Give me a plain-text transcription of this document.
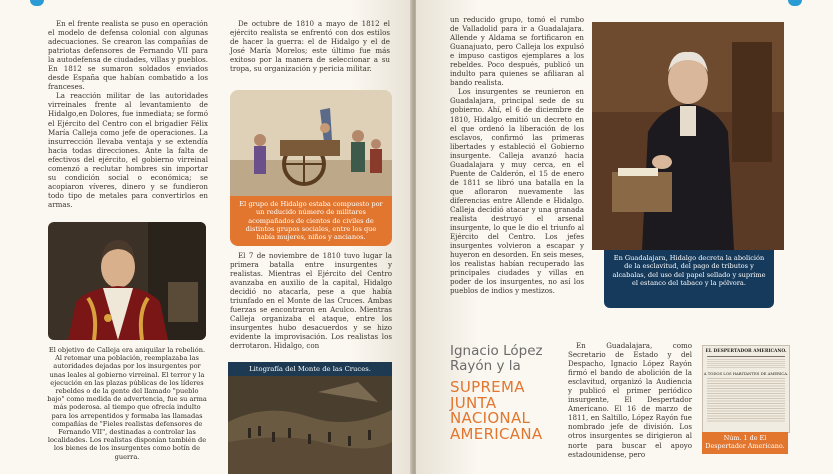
En el frente realista se puso en operación el modelo de defensa colonial con algunas adecuaciones. Se crearon las compañías de patriotas defensores de Fernando VII para la autodefensa de ciudades, villas y pueblos. En 1812 se sumaron soldados enviados desde España que habían combatido a los franceses.

La reacción militar de las autoridades virreinales frente al levantamiento de Hidalgo,en Dolores, fue inmediata; se formó el Ejército del Centro con el brigadier Félix María Calleja como jefe de operaciones. La insurrección llevaba ventaja y se extendía hacia todas direcciones. Ante la falta de efectivos del ejército, el gobierno virreinal comenzó a reclutar hombres sin importar su condición social o económica; se acopiaron víveres, dinero y se fundieron todo tipo de metales para convertirlos en armas.

El objetivo de Calleja era aniquilar la rebelión. Al retomar una población, reemplazaba las autoridades dejadas por los insurgentes por unas leales al gobierno virreinal. El terror y la ejecución en las plazas públicas de los líderes rebeldes o de la gente del llamado "pueblo bajo" como medida de advertencia, fue su arma más poderosa. al tiempo que ofrecía indulto para los arrepentidos y formaba las llamadas compañías de "Fieles realistas defensores de Fernando VII", destinadas a controlar las localidades. Los realistas disponían también de los bienes de los insurgentes como botín de guerra.

De octubre de 1810 a mayo de 1812 el ejército realista se enfrentó con dos estilos de hacer la guerra: el de Hidalgo y el de José María Morelos; este último fue más exitoso por la manera de seleccionar a su tropa, su organización y pericia militar.

El grupo de Hidalgo estaba compuesto por un reducido número de militares acompañados de cientos de civiles de distintos grupos sociales, entre los que había mujeres, niños y ancianos.

El 7 de noviembre de 1810 tuvo lugar la primera batalla entre insurgentes y realistas. Mientras el Ejército del Centro avanzaba en auxilio de la capital, Hidalgo decidió no atacarla, pese a que había triunfado en el Monte de las Cruces. Ambas fuerzas se encontraron en Aculco. Mientras Calleja organizaba el ataque, entre los insurgentes hubo desacuerdos y se hizo evidente la improvisación. Los realistas los derrotaron. Hidalgo, con

Litografía del Monte de las Cruces.

un reducido grupo, tomó el rumbo de Valladolid para ir a Guadalajara. Allende y Aldama se fortificaron en Guanajuato, pero Calleja los expulsó e impuso castigos ejemplares a los rebeldes. Poco después, publicó un indulto para quienes se afiliaran al bando realista.

Los insurgentes se reunieron en Guadalajara, principal sede de su gobierno. Ahí, el 6 de diciembre de 1810, Hidalgo emitió un decreto en el que ordenó la liberación de los esclavos, confirmó las primeras libertades y estableció el Gobierno insurgente. Calleja avanzó hacia Guadalajara y muy cerca, en el Puente de Calderón, el 15 de enero de 1811 se libró una batalla en la que afloraron nuevamente las diferencias entre Allende e Hidalgo. Calleja decidió atacar y una granada realista destruyó el arsenal insurgente, lo que le dio el triunfo al Ejército del Centro. Los jefes insurgentes volvieron a escapar y huyeron en desorden. En seis meses, los realistas habían recuperado las principales ciudades y villas en poder de los insurgentes, no así los pueblos de indios y mestizos.

En Guadalajara, Hidalgo decreta la abolición de la esclavitud, del pago de tributos y alcabalas, del uso del papel sellado y suprime el estanco del tabaco y la pólvora.
Ignacio López Rayón y la
SUPREMA
JUNTA
NACIONAL
AMERICANA

En Guadalajara, como Secretario de Estado y del Despacho, Ignacio López Rayón firmó el bando de abolición de la esclavitud, organizó la Audiencia y publicó el primer periódico insurgente, El Despertador Americano. El 16 de marzo de 1811, en Saltillo, López Rayón fue nombrado jefe de división. Los otros insurgentes se dirigieron al norte para buscar el apoyo estadounidense, pero

EL DESPERTADOR AMERICANO.
A TODOS LOS HABITANTES DE AMERICA.
Núm. 1 de El Despertador Americano.
